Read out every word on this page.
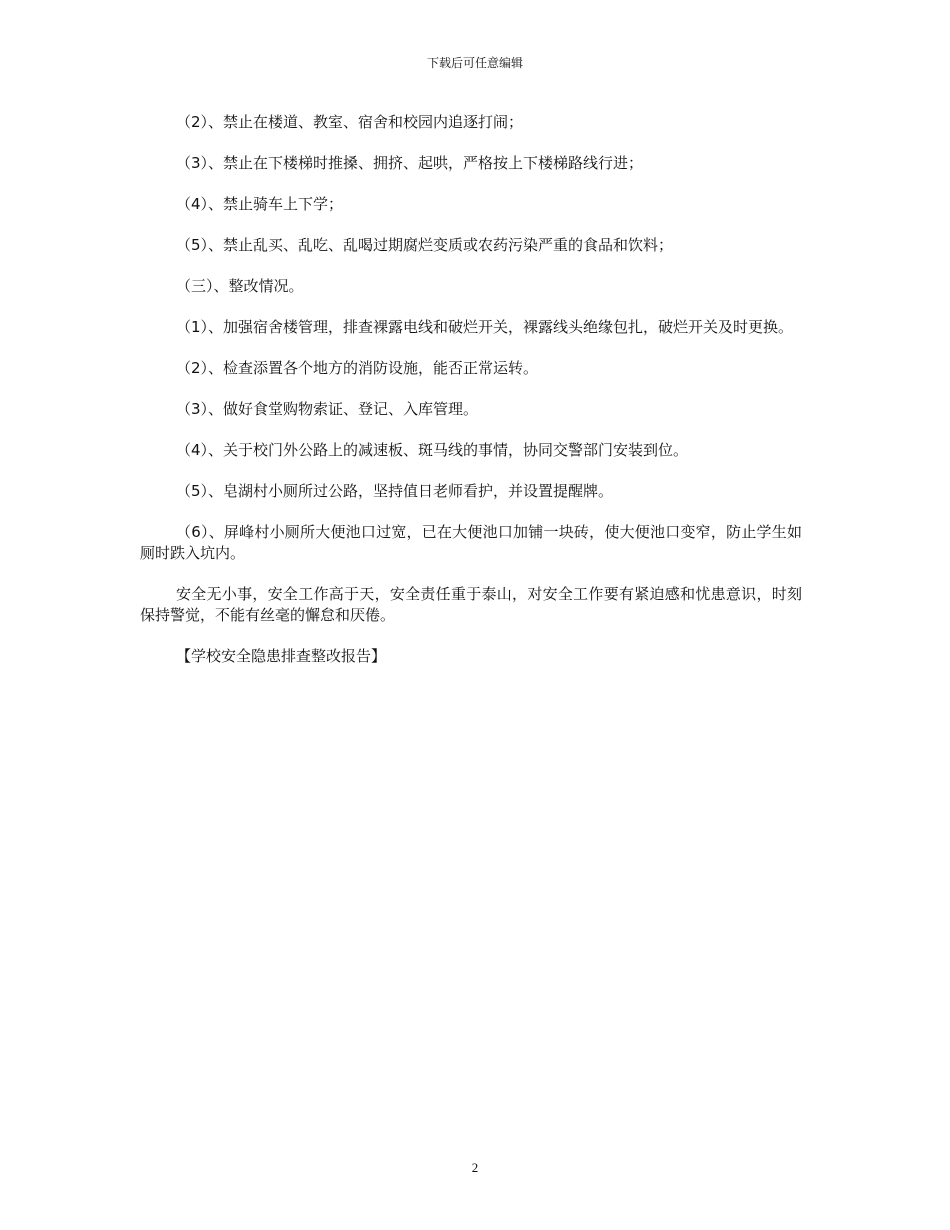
下载后可任意编辑

（2）、禁止在楼道、教室、宿舍和校园内追逐打闹；

（3）、禁止在下楼梯时推搡、拥挤、起哄，严格按上下楼梯路线行进；

（4）、禁止骑车上下学；

（5）、禁止乱买、乱吃、乱喝过期腐烂变质或农药污染严重的食品和饮料；

（三）、整改情况。

（1）、加强宿舍楼管理，排查裸露电线和破烂开关，裸露线头绝缘包扎，破烂开关及时更换。

（2）、检查添置各个地方的消防设施，能否正常运转。

（3）、做好食堂购物索证、登记、入库管理。

（4）、关于校门外公路上的减速板、斑马线的事情，协同交警部门安装到位。

（5）、皂湖村小厕所过公路，坚持值日老师看护，并设置提醒牌。

（6）、屏峰村小厕所大便池口过宽，已在大便池口加铺一块砖，使大便池口变窄，防止学生如厕时跌入坑内。

安全无小事，安全工作高于天，安全责任重于泰山，对安全工作要有紧迫感和忧患意识，时刻保持警觉，不能有丝毫的懈怠和厌倦。

【学校安全隐患排查整改报告】

2
